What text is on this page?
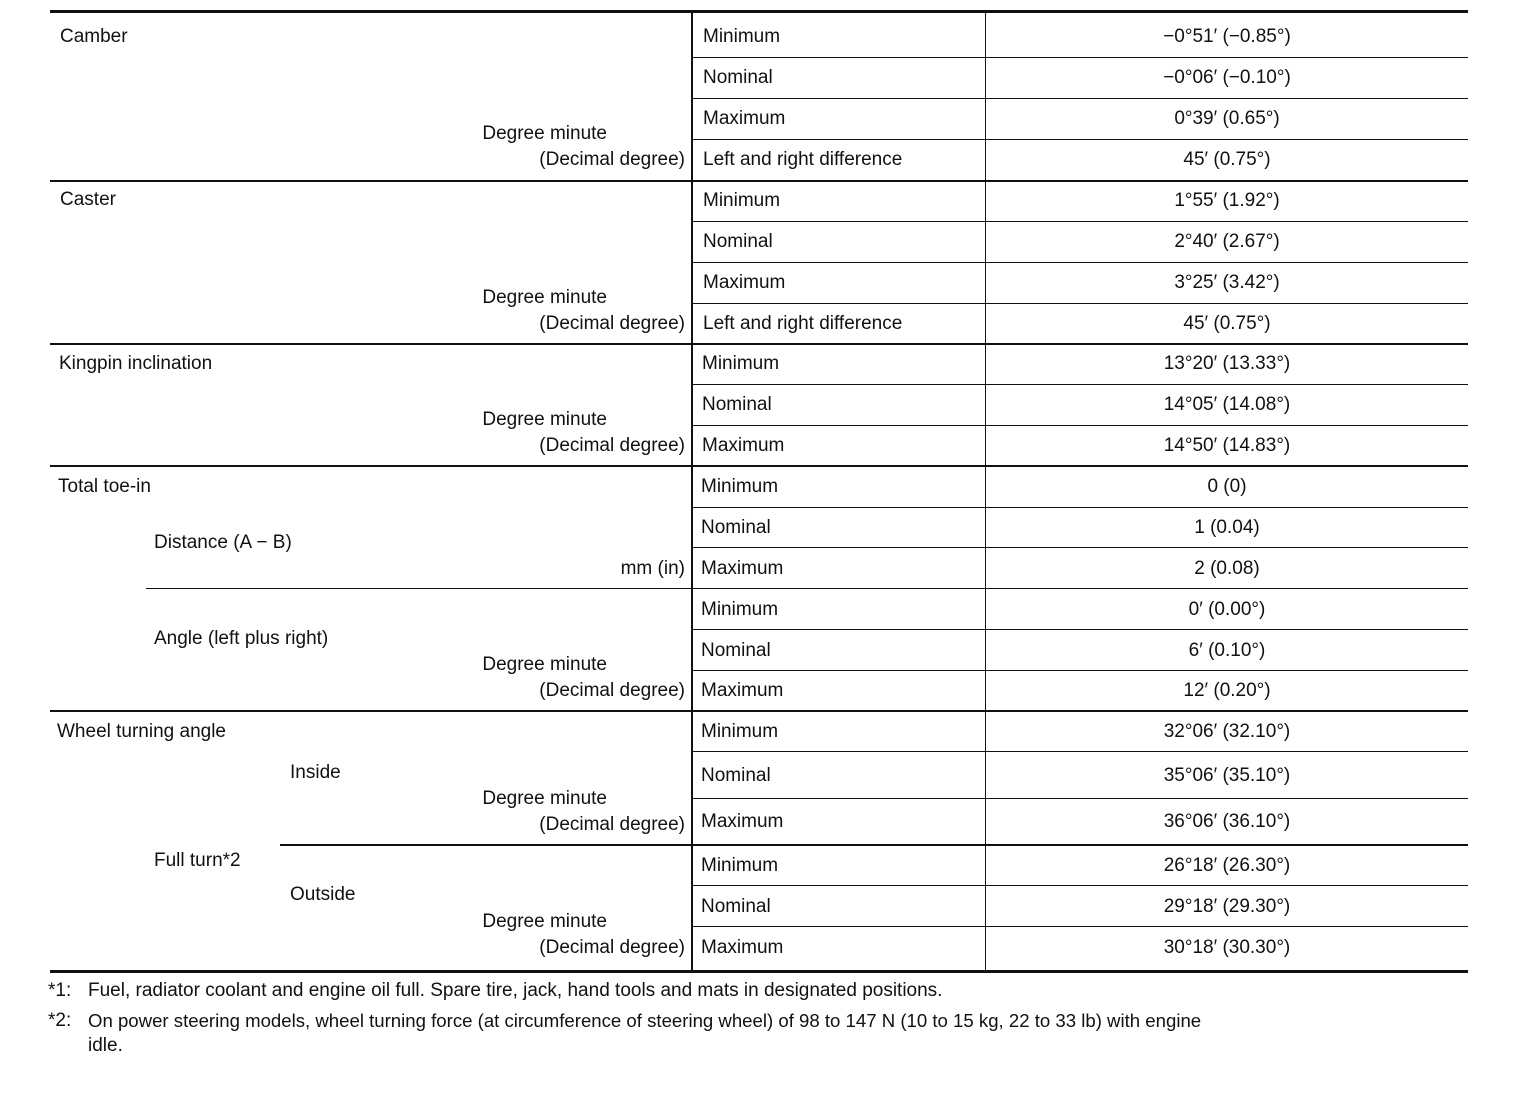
Camber
Degree minute
(Decimal degree)
Minimum	−0°51′ (−0.85°)
Nominal	−0°06′ (−0.10°)
Maximum	0°39′ (0.65°)
Left and right difference	45′ (0.75°)
Caster
Degree minute
(Decimal degree)
Minimum	1°55′ (1.92°)
Nominal	2°40′ (2.67°)
Maximum	3°25′ (3.42°)
Left and right difference	45′ (0.75°)
Kingpin inclination
Degree minute
(Decimal degree)
Minimum	13°20′ (13.33°)
Nominal	14°05′ (14.08°)
Maximum	14°50′ (14.83°)
Total toe-in
Distance (A − B)
mm (in)
Minimum	0 (0)
Nominal	1 (0.04)
Maximum	2 (0.08)
Angle (left plus right)
Degree minute
(Decimal degree)
Minimum	0′ (0.00°)
Nominal	6′ (0.10°)
Maximum	12′ (0.20°)
Wheel turning angle
Full turn*2
Inside
Degree minute
(Decimal degree)
Minimum	32°06′ (32.10°)
Nominal	35°06′ (35.10°)
Maximum	36°06′ (36.10°)
Outside
Degree minute
(Decimal degree)
Minimum	26°18′ (26.30°)
Nominal	29°18′ (29.30°)
Maximum	30°18′ (30.30°)
*1: Fuel, radiator coolant and engine oil full. Spare tire, jack, hand tools and mats in designated positions.
*2: On power steering models, wheel turning force (at circumference of steering wheel) of 98 to 147 N (10 to 15 kg, 22 to 33 lb) with engine
idle.
